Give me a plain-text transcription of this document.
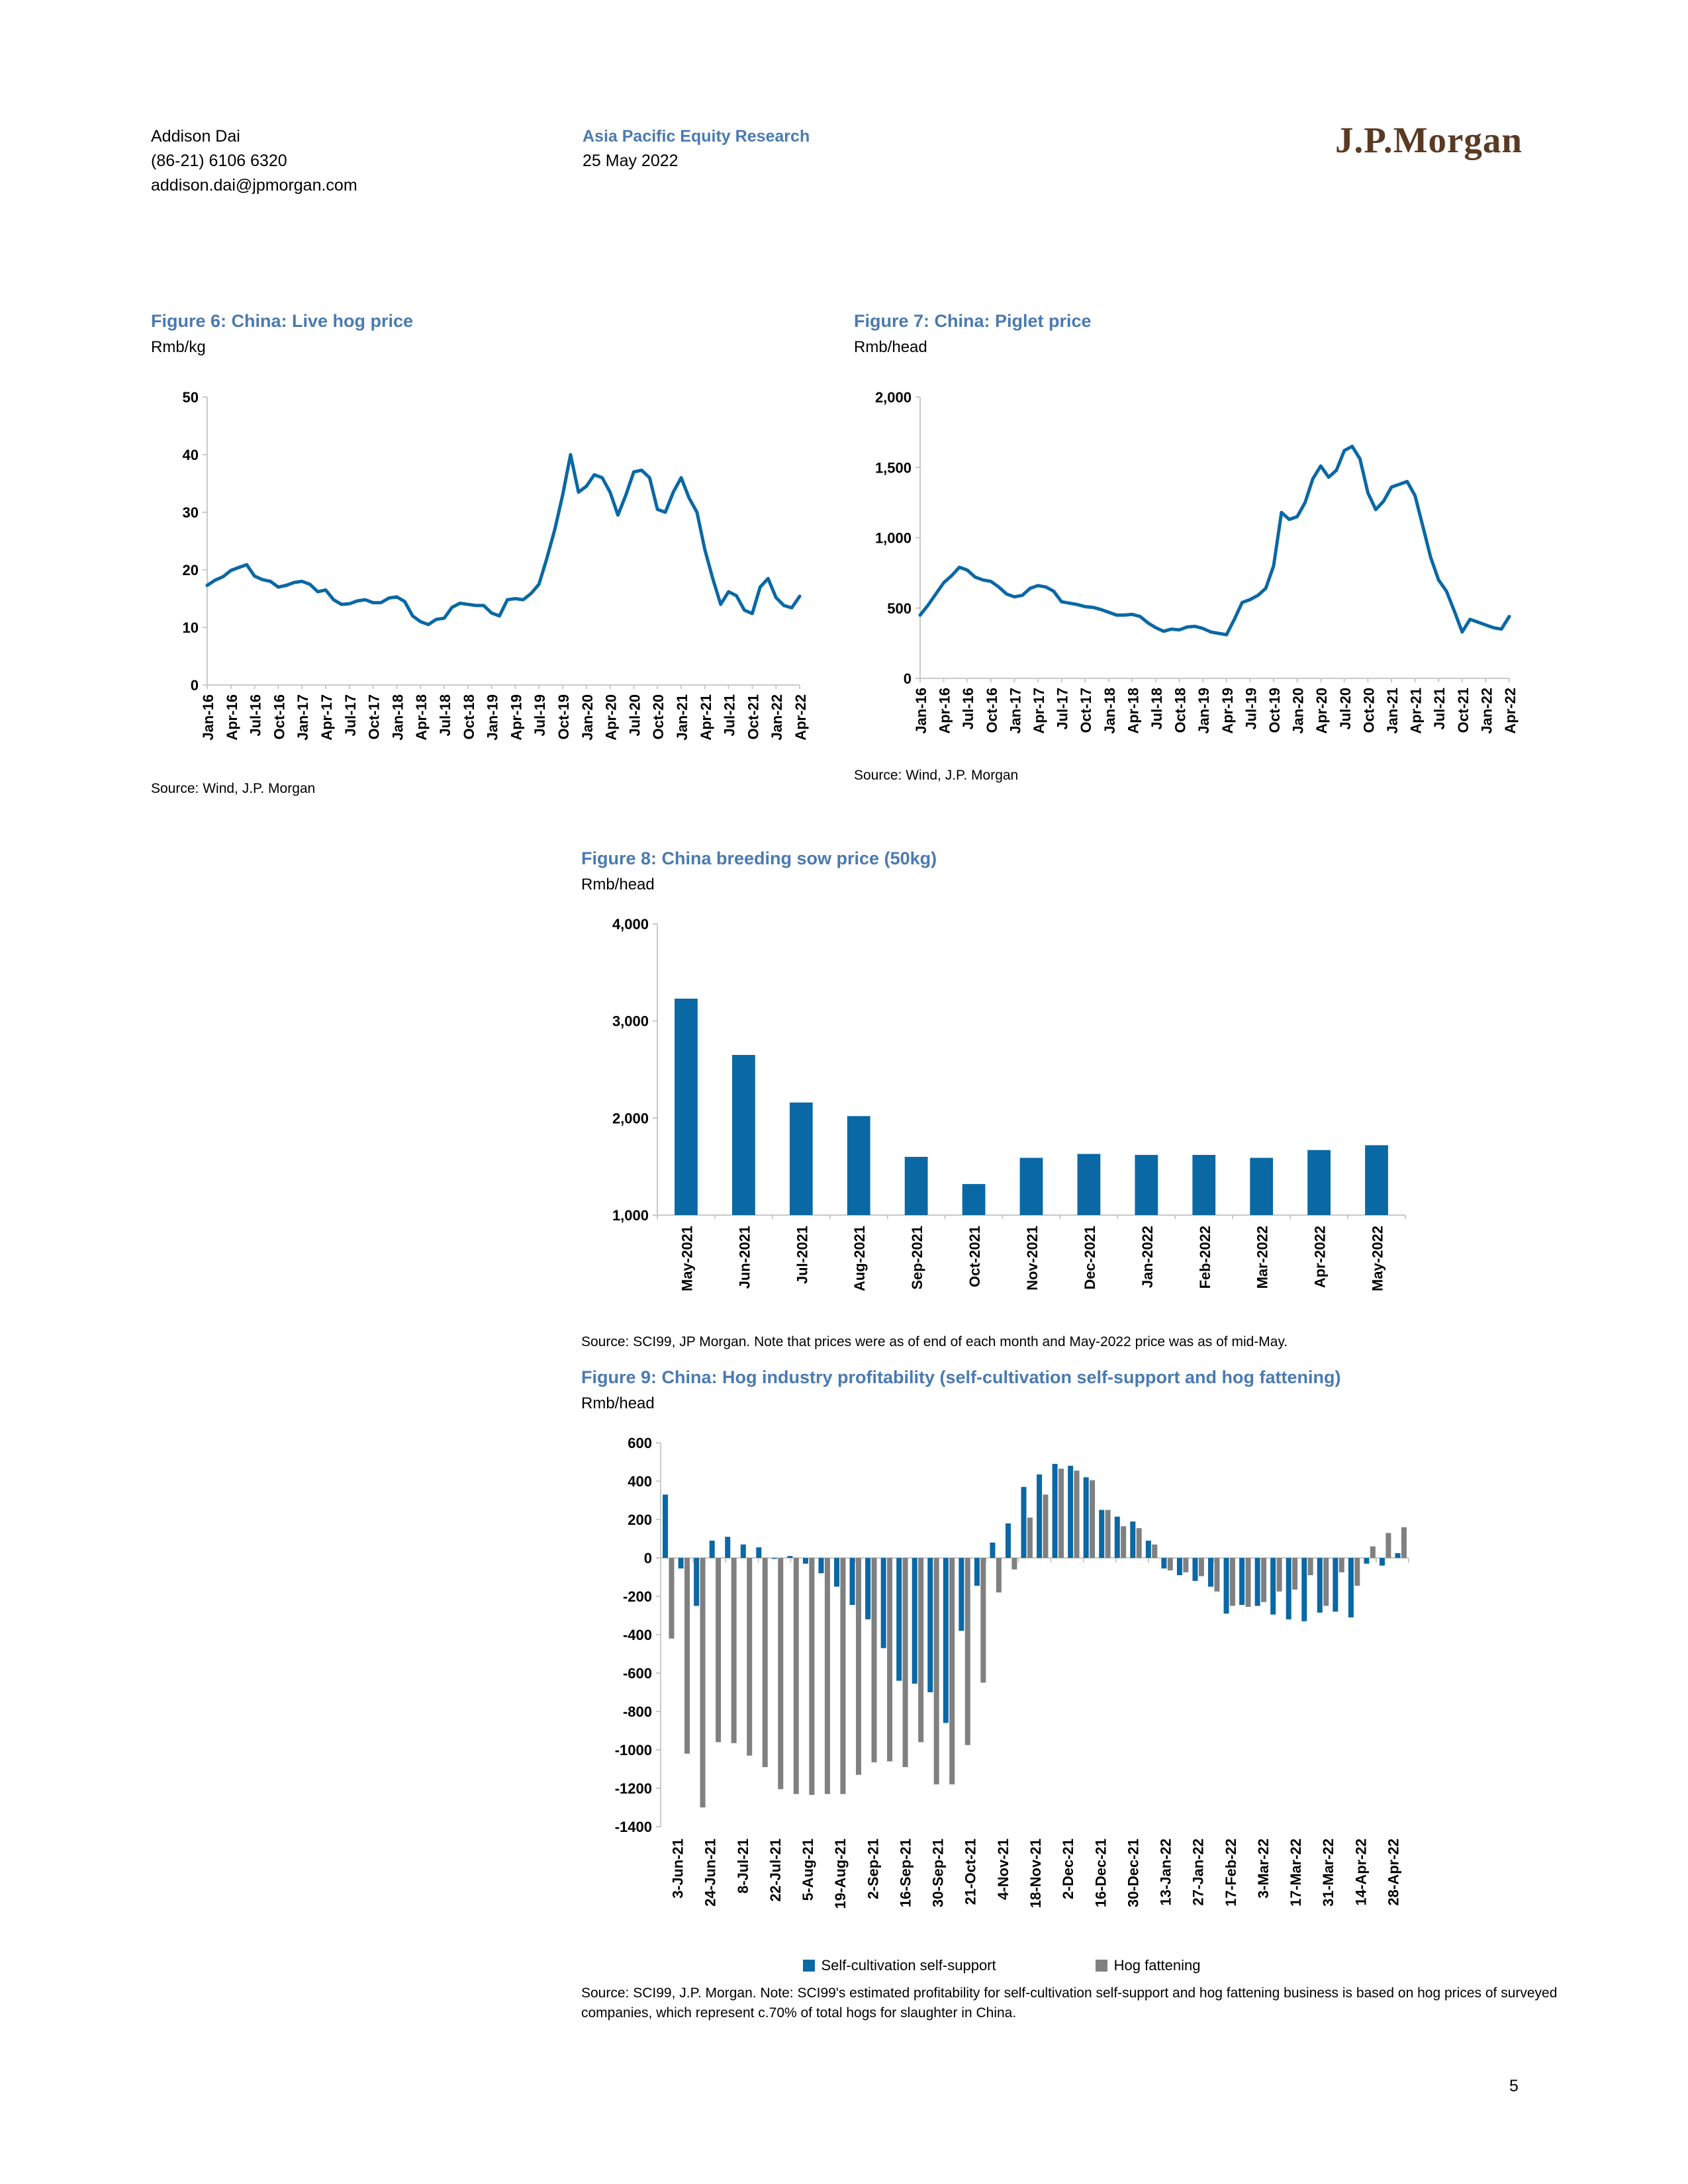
Addison Dai
(86-21) 6106 6320
addison.dai@jpmorgan.com
Asia Pacific Equity Research
25 May 2022
J.P.Morgan
Figure 6: China: Live hog price
Rmb/kg
0
10
20
30
40
50
Jan-16 Apr-16 Jul-16 Oct-16 Jan-17 Apr-17 Jul-17 Oct-17 Jan-18 Apr-18 Jul-18 Oct-18 Jan-19 Apr-19 Jul-19 Oct-19 Jan-20 Apr-20 Jul-20 Oct-20 Jan-21 Apr-21 Jul-21 Oct-21 Jan-22 Apr-22
Source: Wind, J.P. Morgan
Figure 7: China: Piglet price
Rmb/head
0
500
1,000
1,500
2,000
Jan-16 Apr-16 Jul-16 Oct-16 Jan-17 Apr-17 Jul-17 Oct-17 Jan-18 Apr-18 Jul-18 Oct-18 Jan-19 Apr-19 Jul-19 Oct-19 Jan-20 Apr-20 Jul-20 Oct-20 Jan-21 Apr-21 Jul-21 Oct-21 Jan-22 Apr-22
Source: Wind, J.P. Morgan
Figure 8: China breeding sow price (50kg)
Rmb/head
1,000
2,000
3,000
4,000
May-2021	Jun-2021	Jul-2021	Aug-2021	Sep-2021	Oct-2021	Nov-2021	Dec-2021	Jan-2022	Feb-2022	Mar-2022	Apr-2022	May-2022
Source: SCI99, JP Morgan. Note that prices were as of end of each month and May-2022 price was as of mid-May.
Figure 9: China: Hog industry profitability (self-cultivation self-support and hog fattening)
Rmb/head
600
400
200
0
-200
-400
-600
-800
-1000
-1200
-1400
3-Jun-21 24-Jun-21 8-Jul-21 22-Jul-21 5-Aug-21 19-Aug-21 2-Sep-21 16-Sep-21 30-Sep-21 21-Oct-21 4-Nov-21 18-Nov-21 2-Dec-21 16-Dec-21 30-Dec-21 13-Jan-22 27-Jan-22 17-Feb-22 3-Mar-22 17-Mar-22 31-Mar-22 14-Apr-22 28-Apr-22
Self-cultivation self-support	Hog fattening
Source: SCI99, J.P. Morgan. Note: SCI99's estimated profitability for self-cultivation self-support and hog fattening business is based on hog prices of surveyed companies, which represent c.70% of total hogs for slaughter in China.
5
